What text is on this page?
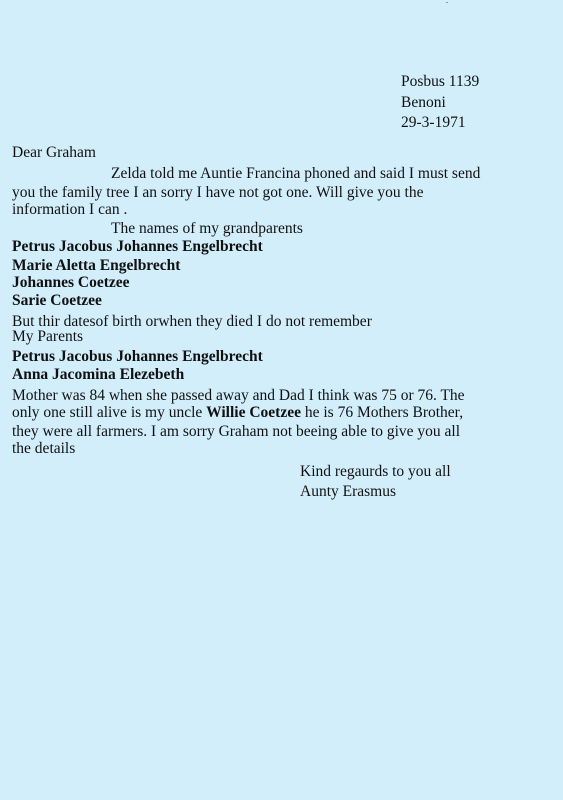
Posbus 1139
Benoni
29-3-1971
Dear Graham
Zelda told me Auntie Francina phoned and said I must send
you the family tree I an sorry I have not got one. Will give you the
information I can .
The names of my grandparents
Petrus Jacobus Johannes Engelbrecht
Marie Aletta Engelbrecht
Johannes Coetzee
Sarie Coetzee
But thir datesof birth orwhen they died I do not remember
My Parents
Petrus Jacobus Johannes Engelbrecht
Anna Jacomina Elezebeth
Mother was 84 when she passed away and Dad I think was 75 or 76. The
only one still alive is my uncle Willie Coetzee he is 76 Mothers Brother,
they were all farmers. I am sorry Graham not beeing able to give you all
the details
Kind regaurds to you all
Aunty Erasmus
